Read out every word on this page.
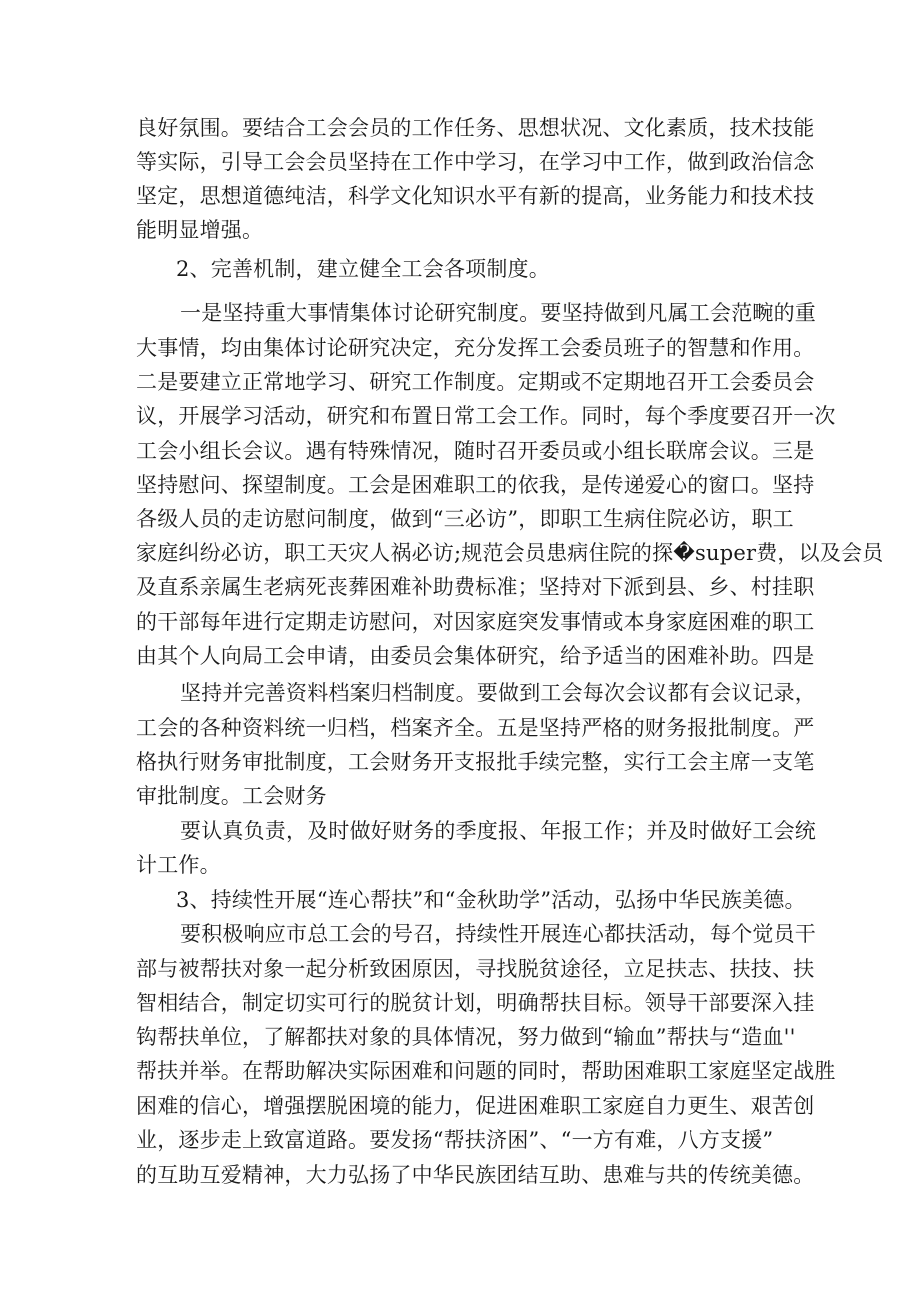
良好氛围。要结合工会会员的工作任务、思想状况、文化素质，技术技能
等实际，引导工会会员坚持在工作中学习，在学习中工作，做到政治信念
坚定，思想道德纯洁，科学文化知识水平有新的提高，业务能力和技术技
能明显增强。
2、完善机制，建立健全工会各项制度。
一是坚持重大事情集体讨论研究制度。要坚持做到凡属工会范畹的重
大事情，均由集体讨论研究决定，充分发挥工会委员班子的智慧和作用。
二是要建立正常地学习、研究工作制度。定期或不定期地召开工会委员会
议，开展学习活动，研究和布置日常工会工作。同时，每个季度要召开一次
工会小组长会议。遇有特殊情况，随时召开委员或小组长联席会议。三是
坚持慰问、探望制度。工会是困难职工的依我，是传递爱心的窗口。坚持
各级人员的走访慰问制度，做到“三必访”，即职工生病住院必访，职工
家庭纠纷必访，职工天灾人祸必访;规范会员患病住院的探�super费，以及会员
及直系亲属生老病死丧葬困难补助费标准；坚持对下派到县、乡、村挂职
的干部每年进行定期走访慰问，对因家庭突发事情或本身家庭困难的职工
由其个人向局工会申请，由委员会集体研究，给予适当的困难补助。四是
坚持并完善资料档案归档制度。要做到工会每次会议都有会议记录，
工会的各种资料统一归档，档案齐全。五是坚持严格的财务报批制度。严
格执行财务审批制度，工会财务开支报批手续完整，实行工会主席一支笔
审批制度。工会财务
要认真负责，及时做好财务的季度报、年报工作；并及时做好工会统
计工作。
3、持续性开展“连心帮扶”和“金秋助学”活动，弘扬中华民族美德。
要积极响应市总工会的号召，持续性开展连心都扶活动，每个觉员干
部与被帮扶对象一起分析致困原因，寻找脱贫途径，立足扶志、扶技、扶
智相结合，制定切实可行的脱贫计划，明确帮扶目标。领导干部要深入挂
钩帮扶单位，了解都扶对象的具体情况，努力做到“输血”帮扶与“造血''
帮扶并举。在帮助解决实际困难和问题的同时，帮助困难职工家庭坚定战胜
困难的信心，增强摆脱困境的能力，促进困难职工家庭自力更生、艰苦创
业，逐步走上致富道路。要发扬“帮扶济困”、“一方有难，八方支援”
的互助互爱精神，大力弘扬了中华民族团结互助、患难与共的传统美德。
